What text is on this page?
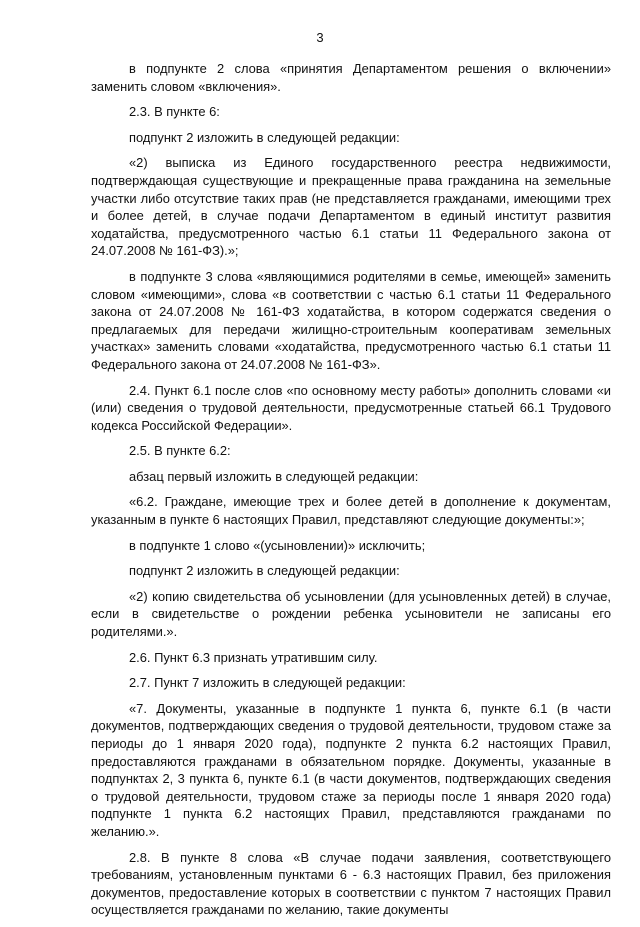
3

в подпункте 2 слова «принятия Департаментом решения о включении» заменить словом «включения».

2.3. В пункте 6:

подпункт 2 изложить в следующей редакции:

«2) выписка из Единого государственного реестра недвижимости, подтверждающая существующие и прекращенные права гражданина на земельные участки либо отсутствие таких прав (не представляется гражданами, имеющими трех и более детей, в случае подачи Департаментом в единый институт развития ходатайства, предусмотренного частью 6.1 статьи 11 Федерального закона от 24.07.2008 № 161-ФЗ).»;

в подпункте 3 слова «являющимися родителями в семье, имеющей» заменить словом «имеющими», слова «в соответствии с частью 6.1 статьи 11 Федерального закона от 24.07.2008 № 161-ФЗ ходатайства, в котором содержатся сведения о предлагаемых для передачи жилищно-строительным кооперативам земельных участках» заменить словами «ходатайства, предусмотренного частью 6.1 статьи 11 Федерального закона от 24.07.2008 № 161-ФЗ».

2.4. Пункт 6.1 после слов «по основному месту работы» дополнить словами «и (или) сведения о трудовой деятельности, предусмотренные статьей 66.1 Трудового кодекса Российской Федерации».

2.5. В пункте 6.2:

абзац первый изложить в следующей редакции:

«6.2. Граждане, имеющие трех и более детей в дополнение к документам, указанным в пункте 6 настоящих Правил, представляют следующие документы:»;

в подпункте 1 слово «(усыновлении)» исключить;

подпункт 2 изложить в следующей редакции:

«2) копию свидетельства об усыновлении (для усыновленных детей) в случае, если в свидетельстве о рождении ребенка усыновители не записаны его родителями.».

2.6. Пункт 6.3 признать утратившим силу.

2.7. Пункт 7 изложить в следующей редакции:

«7. Документы, указанные в подпункте 1 пункта 6, пункте 6.1 (в части документов, подтверждающих сведения о трудовой деятельности, трудовом стаже за периоды до 1 января 2020 года), подпункте 2 пункта 6.2 настоящих Правил, предоставляются гражданами в обязательном порядке. Документы, указанные в подпунктах 2, 3 пункта 6, пункте 6.1 (в части документов, подтверждающих сведения о трудовой деятельности, трудовом стаже за периоды после 1 января 2020 года) подпункте 1 пункта 6.2 настоящих Правил, представляются гражданами по желанию.».

2.8. В пункте 8 слова «В случае подачи заявления, соответствующего требованиям, установленным пунктами 6 - 6.3 настоящих Правил, без приложения документов, предоставление которых в соответствии с пунктом 7 настоящих Правил осуществляется гражданами по желанию, такие документы
